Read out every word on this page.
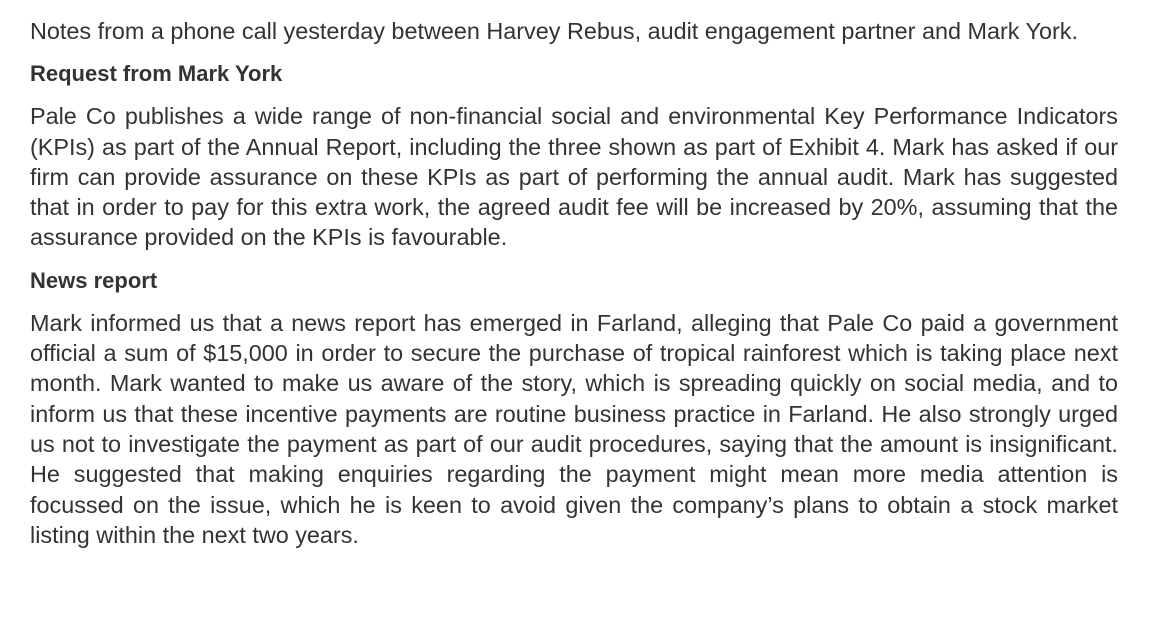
Notes from a phone call yesterday between Harvey Rebus, audit engagement partner and Mark York.

Request from Mark York

Pale Co publishes a wide range of non-financial social and environmental Key Performance Indicators (KPIs) as part of the Annual Report, including the three shown as part of Exhibit 4. Mark has asked if our firm can provide assurance on these KPIs as part of performing the annual audit. Mark has suggested that in order to pay for this extra work, the agreed audit fee will be increased by 20%, assuming that the assurance provided on the KPIs is favourable.

News report

Mark informed us that a news report has emerged in Farland, alleging that Pale Co paid a government official a sum of $15,000 in order to secure the purchase of tropical rainforest which is taking place next month. Mark wanted to make us aware of the story, which is spreading quickly on social media, and to inform us that these incentive payments are routine business practice in Farland. He also strongly urged us not to investigate the payment as part of our audit procedures, saying that the amount is insignificant. He suggested that making enquiries regarding the payment might mean more media attention is focussed on the issue, which he is keen to avoid given the company’s plans to obtain a stock market listing within the next two years.
